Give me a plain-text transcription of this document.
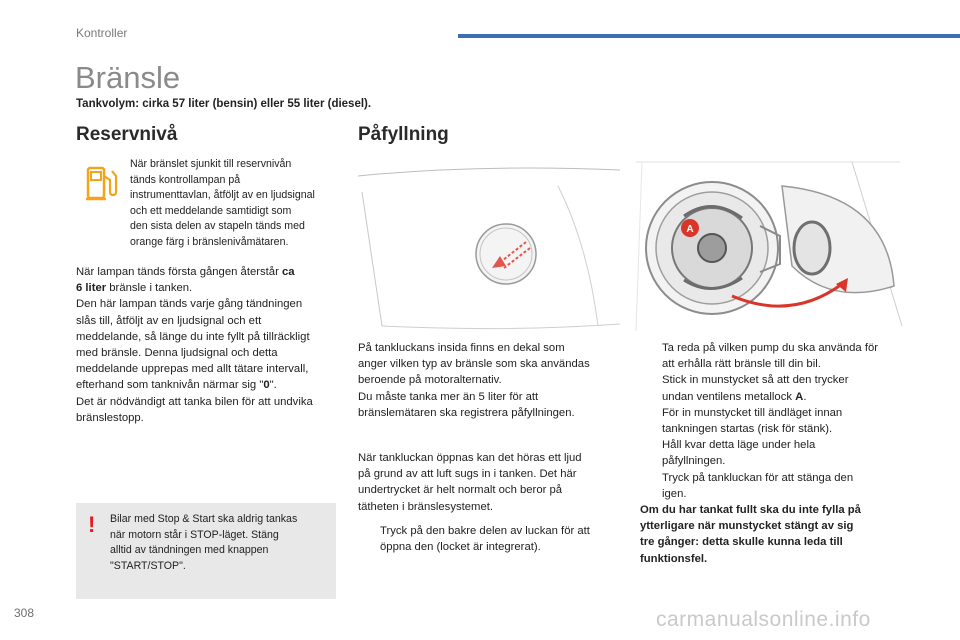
Kontroller
Bränsle
Tankvolym: cirka 57 liter (bensin) eller 55 liter (diesel).
Reservnivå	Påfyllning
När bränslet sjunkit till reservnivån
tänds kontrollampan på
instrumenttavlan, åtföljt av en ljudsignal
och ett meddelande samtidigt som
den sista delen av stapeln tänds med
orange färg i bränslenivåmätaren.
När lampan tänds första gången återstår ca
6 liter bränsle i tanken.
Den här lampan tänds varje gång tändningen
slås till, åtföljt av en ljudsignal och ett
meddelande, så länge du inte fyllt på tillräckligt
med bränsle. Denna ljudsignal och detta
meddelande upprepas med allt tätare intervall,
efterhand som tanknivån närmar sig "0".
Det är nödvändigt att tanka bilen för att undvika
bränslestopp.
! Bilar med Stop & Start ska aldrig tankas
när motorn står i STOP-läget. Stäng
alltid av tändningen med knappen
"START/STOP".
A
På tankluckans insida finns en dekal som
anger vilken typ av bränsle som ska användas
beroende på motoralternativ.
Du måste tanka mer än 5 liter för att
bränslemätaren ska registrera påfyllningen.
När tankluckan öppnas kan det höras ett ljud
på grund av att luft sugs in i tanken. Det här
undertrycket är helt normalt och beror på
tätheten i bränslesystemet.
Tryck på den bakre delen av luckan för att
öppna den (locket är integrerat).
Ta reda på vilken pump du ska använda för
att erhålla rätt bränsle till din bil.
Stick in munstycket så att den trycker
undan ventilens metallock A.
För in munstycket till ändläget innan
tankningen startas (risk för stänk).
Håll kvar detta läge under hela
påfyllningen.
Tryck på tankluckan för att stänga den
igen.
Om du har tankat fullt ska du inte fylla på
ytterligare när munstycket stängt av sig
tre gånger: detta skulle kunna leda till
funktionsfel.
308	carmanualsonline.info
